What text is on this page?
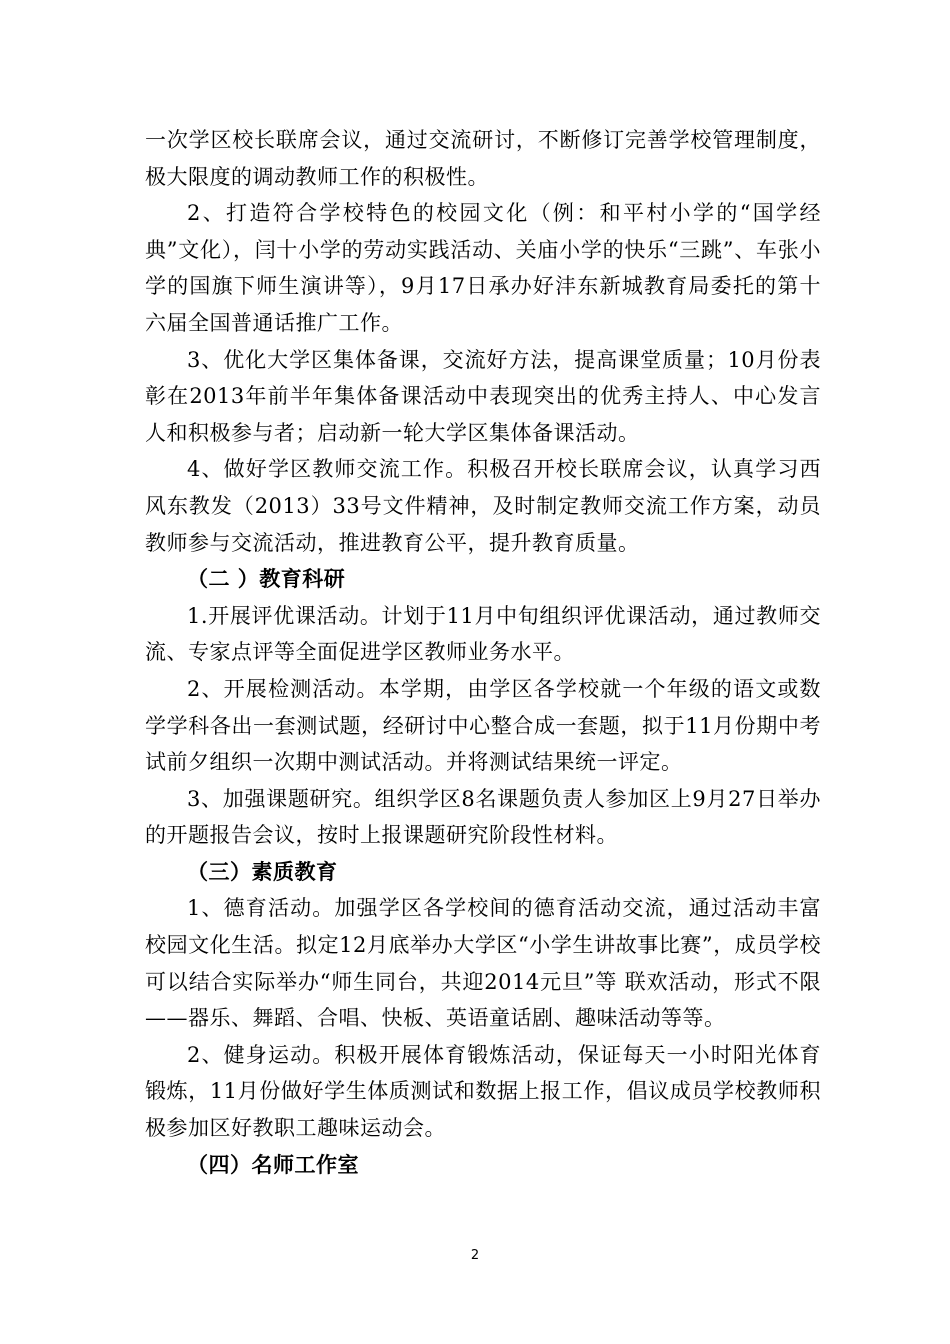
一次学区校长联席会议，通过交流研讨，不断修订完善学校管理制度，极大限度的调动教师工作的积极性。

2、打造符合学校特色的校园文化（例：和平村小学的“国学经典”文化），闫十小学的劳动实践活动、关庙小学的快乐“三跳”、车张小学的国旗下师生演讲等），9月17日承办好沣东新城教育局委托的第十六届全国普通话推广工作。

3、优化大学区集体备课，交流好方法，提高课堂质量；10月份表彰在2013年前半年集体备课活动中表现突出的优秀主持人、中心发言人和积极参与者；启动新一轮大学区集体备课活动。

4、做好学区教师交流工作。积极召开校长联席会议，认真学习西风东教发（2013）33号文件精神，及时制定教师交流工作方案，动员教师参与交流活动，推进教育公平，提升教育质量。

（二 ）教育科研

1.开展评优课活动。计划于11月中旬组织评优课活动，通过教师交流、专家点评等全面促进学区教师业务水平。

2、开展检测活动。本学期，由学区各学校就一个年级的语文或数学学科各出一套测试题，经研讨中心整合成一套题，拟于11月份期中考试前夕组织一次期中测试活动。并将测试结果统一评定。

3、加强课题研究。组织学区8名课题负责人参加区上9月27日举办的开题报告会议，按时上报课题研究阶段性材料。

（三）素质教育

1、德育活动。加强学区各学校间的德育活动交流，通过活动丰富校园文化生活。拟定12月底举办大学区“小学生讲故事比赛”，成员学校可以结合实际举办“师生同台，共迎2014元旦”等 联欢活动，形式不限——器乐、舞蹈、合唱、快板、英语童话剧、趣味活动等等。

2、健身运动。积极开展体育锻炼活动，保证每天一小时阳光体育锻炼，11月份做好学生体质测试和数据上报工作，倡议成员学校教师积极参加区好教职工趣味运动会。

（四）名师工作室

2
